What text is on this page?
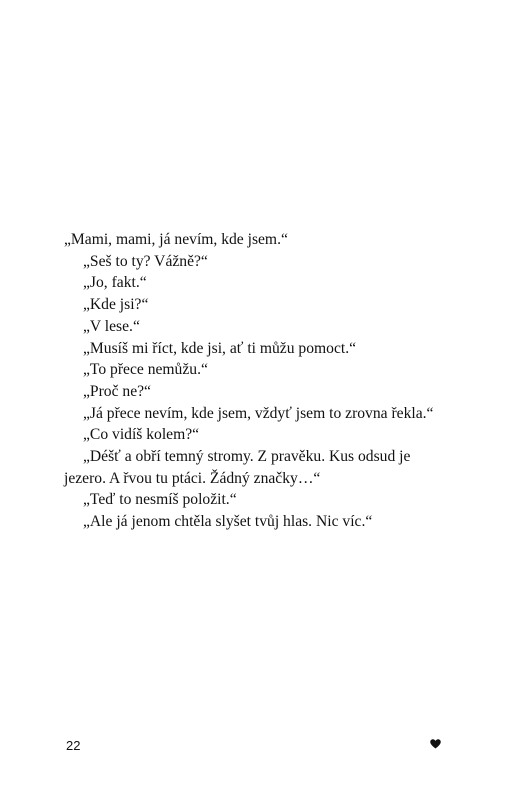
„Mami, mami, já nevím, kde jsem.“

„Seš to ty? Vážně?“

„Jo, fakt.“

„Kde jsi?“

„V lese.“

„Musíš mi říct, kde jsi, ať ti můžu pomoct.“

„To přece nemůžu.“

„Proč ne?“

„Já přece nevím, kde jsem, vždyť jsem to zrovna řekla.“

„Co vidíš kolem?“

„Déšť a obří temný stromy. Z pravěku. Kus odsud je jezero. A řvou tu ptáci. Žádný značky…“

„Teď to nesmíš položit.“

„Ale já jenom chtěla slyšet tvůj hlas. Nic víc.“

22
